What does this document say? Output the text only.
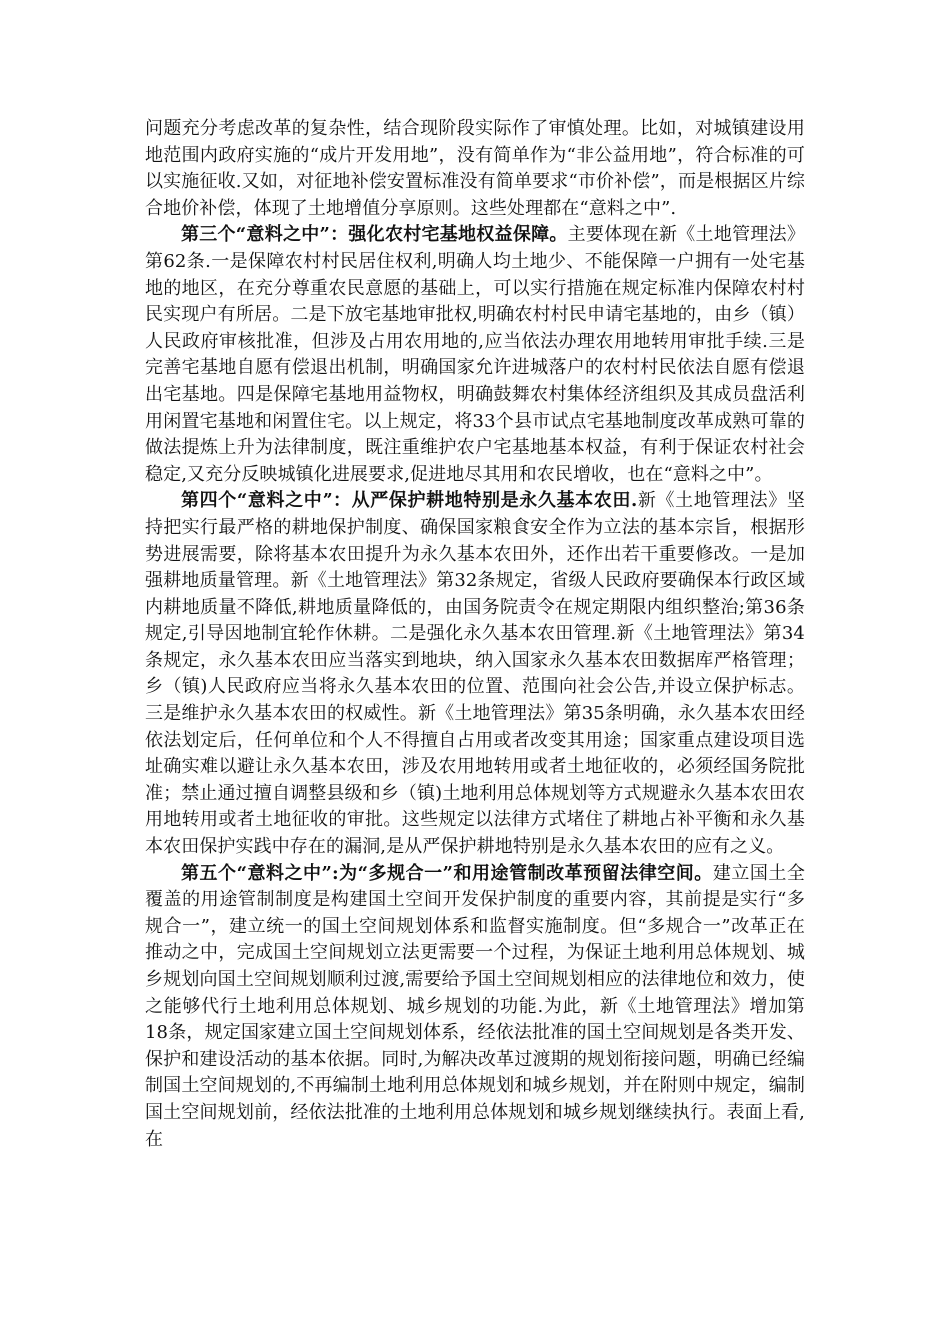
问题充分考虑改革的复杂性，结合现阶段实际作了审慎处理。比如，对城镇建设用地范围内政府实施的“成片开发用地”，没有简单作为“非公益用地”，符合标准的可以实施征收.又如，对征地补偿安置标准没有简单要求“市价补偿”，而是根据区片综合地价补偿，体现了土地增值分享原则。这些处理都在“意料之中”.

第三个“意料之中”：强化农村宅基地权益保障。主要体现在新《土地管理法》第62条.一是保障农村村民居住权利,明确人均土地少、不能保障一户拥有一处宅基地的地区，在充分尊重农民意愿的基础上，可以实行措施在规定标准内保障农村村民实现户有所居。二是下放宅基地审批权,明确农村村民申请宅基地的，由乡（镇）人民政府审核批准，但涉及占用农用地的,应当依法办理农用地转用审批手续.三是完善宅基地自愿有偿退出机制，明确国家允许进城落户的农村村民依法自愿有偿退出宅基地。四是保障宅基地用益物权，明确鼓舞农村集体经济组织及其成员盘活利用闲置宅基地和闲置住宅。以上规定，将33个县市试点宅基地制度改革成熟可靠的做法提炼上升为法律制度，既注重维护农户宅基地基本权益，有利于保证农村社会稳定,又充分反映城镇化进展要求,促进地尽其用和农民增收，也在“意料之中”。

第四个“意料之中ˮ：从严保护耕地特别是永久基本农田.新《土地管理法》坚持把实行最严格的耕地保护制度、确保国家粮食安全作为立法的基本宗旨，根据形势进展需要，除将基本农田提升为永久基本农田外，还作出若干重要修改。一是加强耕地质量管理。新《土地管理法》第32条规定，省级人民政府要确保本行政区域内耕地质量不降低,耕地质量降低的，由国务院责令在规定期限内组织整治;第36条规定,引导因地制宜轮作休耕。二是强化永久基本农田管理.新《土地管理法》第34条规定，永久基本农田应当落实到地块，纳入国家永久基本农田数据库严格管理；乡（镇)人民政府应当将永久基本农田的位置、范围向社会公告,并设立保护标志。三是维护永久基本农田的权威性。新《土地管理法》第35条明确，永久基本农田经依法划定后，任何单位和个人不得擅自占用或者改变其用途；国家重点建设项目选址确实难以避让永久基本农田，涉及农用地转用或者土地征收的，必须经国务院批准；禁止通过擅自调整县级和乡（镇)土地利用总体规划等方式规避永久基本农田农用地转用或者土地征收的审批。这些规定以法律方式堵住了耕地占补平衡和永久基本农田保护实践中存在的漏洞,是从严保护耕地特别是永久基本农田的应有之义。

第五个“意料之中”:为“多规合一”和用途管制改革预留法律空间。建立国土全覆盖的用途管制制度是构建国土空间开发保护制度的重要内容，其前提是实行“多规合一”，建立统一的国土空间规划体系和监督实施制度。但“多规合一”改革正在推动之中，完成国土空间规划立法更需要一个过程，为保证土地利用总体规划、城乡规划向国土空间规划顺利过渡,需要给予国土空间规划相应的法律地位和效力，使之能够代行土地利用总体规划、城乡规划的功能.为此，新《土地管理法》增加第18条，规定国家建立国土空间规划体系，经依法批准的国土空间规划是各类开发、保护和建设活动的基本依据。同时,为解决改革过渡期的规划衔接问题，明确已经编制国土空间规划的,不再编制土地利用总体规划和城乡规划，并在附则中规定，编制国土空间规划前，经依法批准的土地利用总体规划和城乡规划继续执行。表面上看,在
